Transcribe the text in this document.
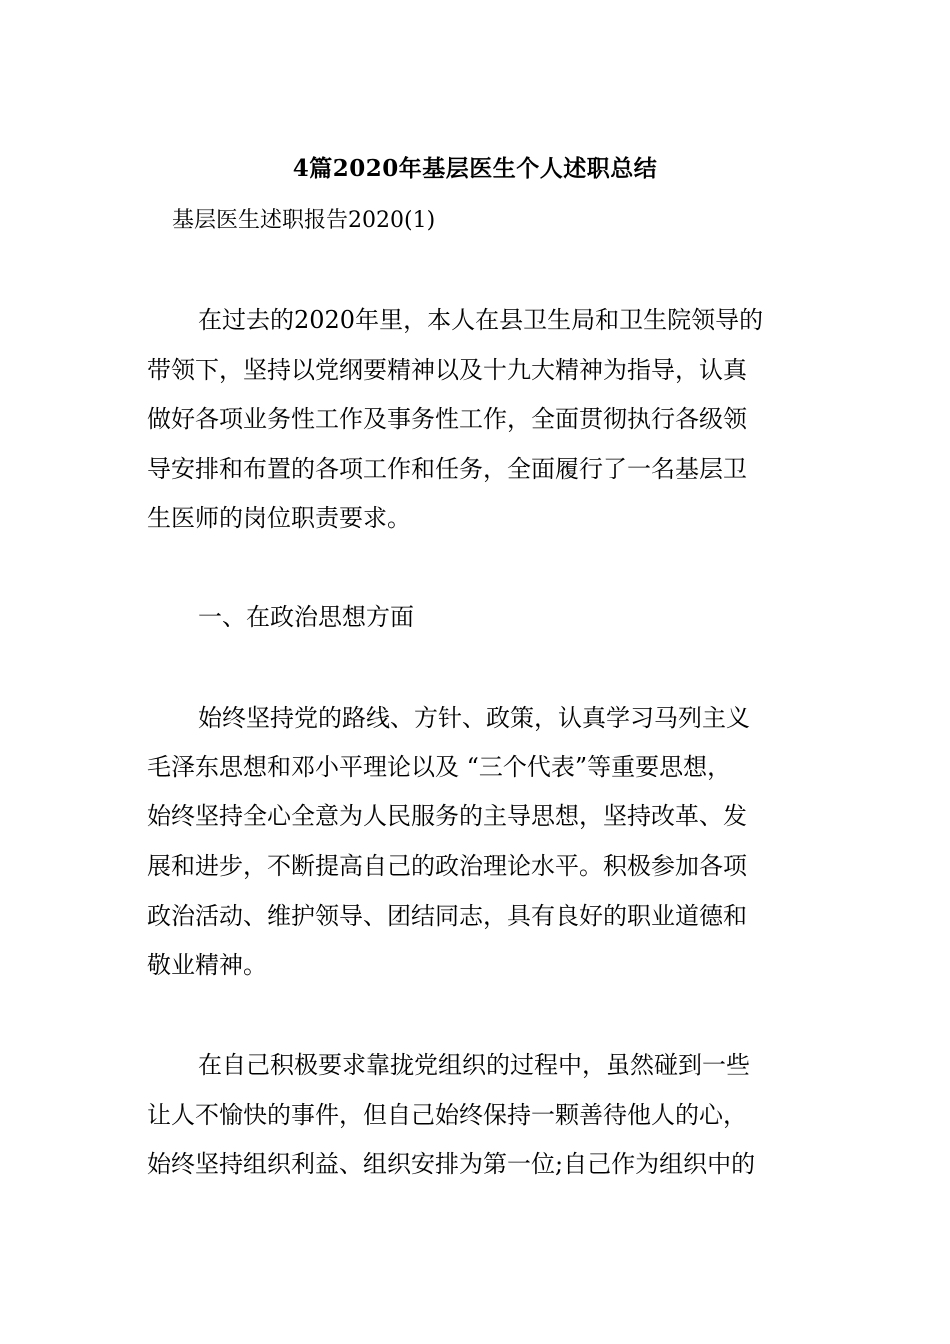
4篇2020年基层医生个人述职总结
基层医生述职报告2020(1)
在过去的2020年里，本人在县卫生局和卫生院领导的
带领下，坚持以党纲要精神以及十九大精神为指导，认真
做好各项业务性工作及事务性工作，全面贯彻执行各级领
导安排和布置的各项工作和任务，全面履行了一名基层卫
生医师的岗位职责要求。
一、在政治思想方面
始终坚持党的路线、方针、政策，认真学习马列主义
毛泽东思想和邓小平理论以及 “三个代表”等重要思想，
始终坚持全心全意为人民服务的主导思想，坚持改革、发
展和进步，不断提高自己的政治理论水平。积极参加各项
政治活动、维护领导、团结同志，具有良好的职业道德和
敬业精神。
在自己积极要求靠拢党组织的过程中，虽然碰到一些
让人不愉快的事件，但自己始终保持一颗善待他人的心，
始终坚持组织利益、组织安排为第一位;自己作为组织中的
